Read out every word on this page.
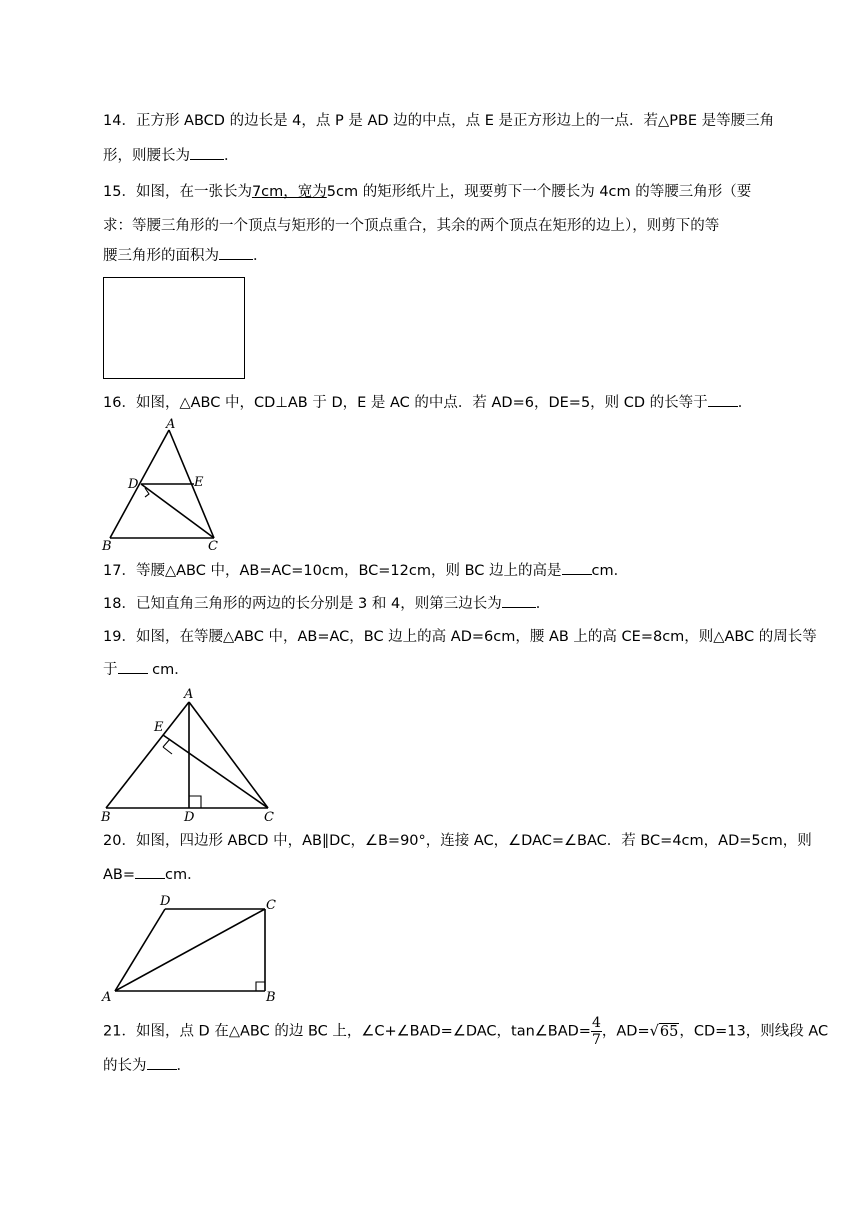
14．正方形 ABCD 的边长是 4，点 P 是 AD 边的中点，点 E 是正方形边上的一点．若△PBE 是等腰三角
形，则腰长为 ．
15．如图，在一张长为7cm，宽为5cm 的矩形纸片上，现要剪下一个腰长为 4cm 的等腰三角形（要
求：等腰三角形的一个顶点与矩形的一个顶点重合，其余的两个顶点在矩形的边上），则剪下的等
腰三角形的面积为 ．
16．如图，△ABC 中，CD⊥AB 于 D，E 是 AC 的中点．若 AD=6，DE=5，则 CD 的长等于 ．
A
B	C
D	E
17．等腰△ABC 中，AB=AC=10cm，BC=12cm，则 BC 边上的高是 cm．
18．已知直角三角形的两边的长分别是 3 和 4，则第三边长为 ．
19．如图，在等腰△ABC 中，AB=AC，BC 边上的高 AD=6cm，腰 AB 上的高 CE=8cm，则△ABC 的周长等
于 cm．
A
B	C
D
E
20．如图，四边形 ABCD 中，AB∥DC，∠B=90°，连接 AC，∠DAC=∠BAC．若 BC=4cm，AD=5cm，则
AB= cm．
D	C
A	B
21．如图，点 D 在△ABC 的边 BC 上，∠C+∠BAD=∠DAC，tan∠BAD= $\frac{4}{7}$ ，AD=√65，CD=13，则线段 AC
的长为 ．
